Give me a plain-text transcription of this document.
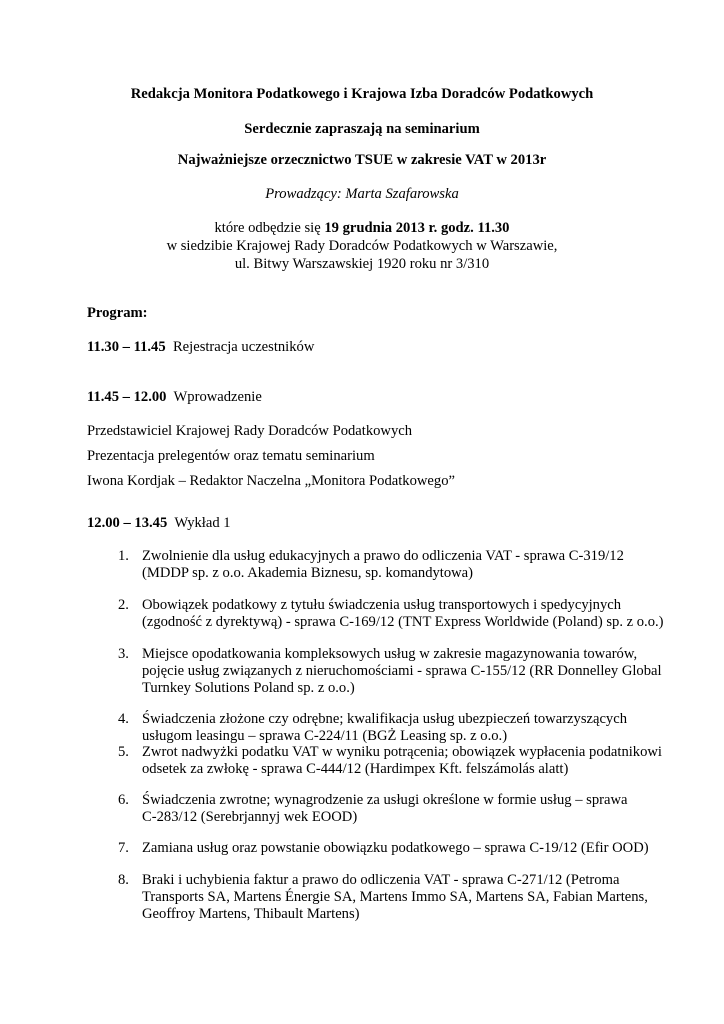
Redakcja Monitora Podatkowego i Krajowa Izba Doradców Podatkowych
Serdecznie zapraszają na seminarium
Najważniejsze orzecznictwo TSUE w zakresie VAT w 2013r
Prowadzący: Marta Szafarowska
które odbędzie się 19 grudnia 2013 r. godz. 11.30
w siedzibie Krajowej Rady Doradców Podatkowych w Warszawie,
ul. Bitwy Warszawskiej 1920 roku nr 3/310
Program:
11.30 – 11.45 Rejestracja uczestników
11.45 – 12.00 Wprowadzenie
Przedstawiciel Krajowej Rady Doradców Podatkowych
Prezentacja prelegentów oraz tematu seminarium
Iwona Kordjak – Redaktor Naczelna „Monitora Podatkowego”
12.00 – 13.45 Wykład 1
1. Zwolnienie dla usług edukacyjnych a prawo do odliczenia VAT - sprawa C-319/12
(MDDP sp. z o.o. Akademia Biznesu, sp. komandytowa)
2. Obowiązek podatkowy z tytułu świadczenia usług transportowych i spedycyjnych
(zgodność z dyrektywą) - sprawa C-169/12 (TNT Express Worldwide (Poland) sp. z o.o.)
3. Miejsce opodatkowania kompleksowych usług w zakresie magazynowania towarów,
pojęcie usług związanych z nieruchomościami - sprawa C-155/12 (RR Donnelley Global
Turnkey Solutions Poland sp. z o.o.)
4. Świadczenia złożone czy odrębne; kwalifikacja usług ubezpieczeń towarzyszących
usługom leasingu – sprawa C-224/11 (BGŻ Leasing sp. z o.o.)
5. Zwrot nadwyżki podatku VAT w wyniku potrącenia; obowiązek wypłacenia podatnikowi
odsetek za zwłokę - sprawa C-444/12 (Hardimpex Kft. felszámolás alatt)
6. Świadczenia zwrotne; wynagrodzenie za usługi określone w formie usług – sprawa
C-283/12 (Serebrjannyj wek EOOD)
7. Zamiana usług oraz powstanie obowiązku podatkowego – sprawa C-19/12 (Efir OOD)
8. Braki i uchybienia faktur a prawo do odliczenia VAT - sprawa C-271/12 (Petroma
Transports SA, Martens Énergie SA, Martens Immo SA, Martens SA, Fabian Martens,
Geoffroy Martens, Thibault Martens)
